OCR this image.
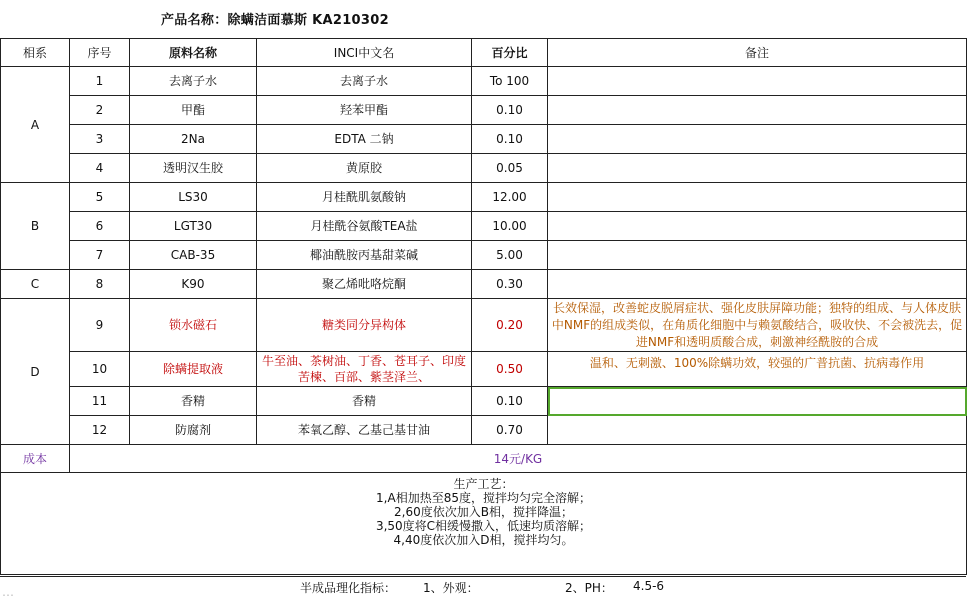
产品名称：除螨洁面慕斯 KA210302
相系	序号	原料名称	INCI中文名	百分比	备注
A	1	去离子水	去离子水	To 100	
	2	甲酯	羟苯甲酯	0.10	
	3	2Na	EDTA 二钠	0.10	
	4	透明汉生胶	黄原胶	0.05	
B	5	LS30	月桂酰肌氨酸钠	12.00	
	6	LGT30	月桂酰谷氨酸TEA盐	10.00	
	7	CAB-35	椰油酰胺丙基甜菜碱	5.00	
C	8	K90	聚乙烯吡咯烷酮	0.30	
D	9	锁水磁石	糖类同分异构体	0.20	长效保湿，改善蛇皮脱屑症状、强化皮肤屏障功能；独特的组成、与人体皮肤中NMF的组成类似，在角质化细胞中与赖氨酸结合，吸收快、不会被洗去，促进NMF和透明质酸合成，刺激神经酰胺的合成
	10	除螨提取液	牛至油、茶树油、丁香、苍耳子、印度苦楝、百部、紫茎泽兰、	0.50	温和、无刺激、100%除螨功效，较强的广普抗菌、抗病毒作用
	11	香精	香精	0.10	
	12	防腐剂	苯氧乙醇、乙基己基甘油	0.70	
成本	14元/KG				

生产工艺：
1,A相加热至85度，搅拌均匀完全溶解；
2,60度依次加入B相，搅拌降温；
3,50度将C相缓慢撒入，低速均质溶解；
4,40度依次加入D相，搅拌均匀。					
半成品理化指标： 1、外观：	2、PH： 4.5-6
˙˙˙
